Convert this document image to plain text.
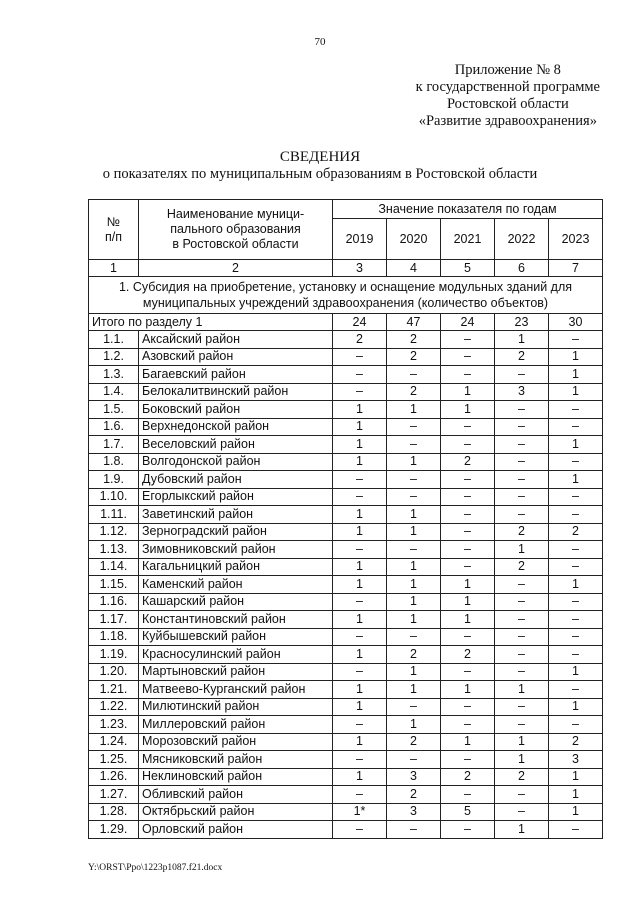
70
Приложение № 8
к государственной программе
Ростовской области
«Развитие здравоохранения»
СВЕДЕНИЯ
о показателях по муниципальным образованиям в Ростовской области
№
п/п	Наименование муници-
пального образования
в Ростовской области	Значение показателя по годам				
		2019	2020	2021	2022	2023
1	2	3	4	5	6	7
1. Субсидия на приобретение, установку и оснащение модульных зданий для муниципальных учреждений здравоохранения (количество объектов)						
Итого по разделу 1		24	47	24	23	30
1.1.	Аксайский район	2	2	–	1	–
1.2.	Азовский район	–	2	–	2	1
1.3.	Багаевский район	–	–	–	–	1
1.4.	Белокалитвинский район	–	2	1	3	1
1.5.	Боковский район	1	1	1	–	–
1.6.	Верхнедонской район	1	–	–	–	–
1.7.	Веселовский район	1	–	–	–	1
1.8.	Волгодонской район	1	1	2	–	–
1.9.	Дубовский район	–	–	–	–	1
1.10.	Егорлыкский район	–	–	–	–	–
1.11.	Заветинский район	1	1	–	–	–
1.12.	Зерноградский район	1	1	–	2	2
1.13.	Зимовниковский район	–	–	–	1	–
1.14.	Кагальницкий район	1	1	–	2	–
1.15.	Каменский район	1	1	1	–	1
1.16.	Кашарский район	–	1	1	–	–
1.17.	Константиновский район	1	1	1	–	–
1.18.	Куйбышевский район	–	–	–	–	–
1.19.	Красносулинский район	1	2	2	–	–
1.20.	Мартыновский район	–	1	–	–	1
1.21.	Матвеево-Курганский район	1	1	1	1	–
1.22.	Милютинский район	1	–	–	–	1
1.23.	Миллеровский район	–	1	–	–	–
1.24.	Морозовский район	1	2	1	1	2
1.25.	Мясниковский район	–	–	–	1	3
1.26.	Неклиновский район	1	3	2	2	1
1.27.	Обливский район	–	2	–	–	1
1.28.	Октябрьский район	1*	3	5	–	1
1.29.	Орловский район	–	–	–	1	–
Y:\ORST\Ppo\1223p1087.f21.docx
